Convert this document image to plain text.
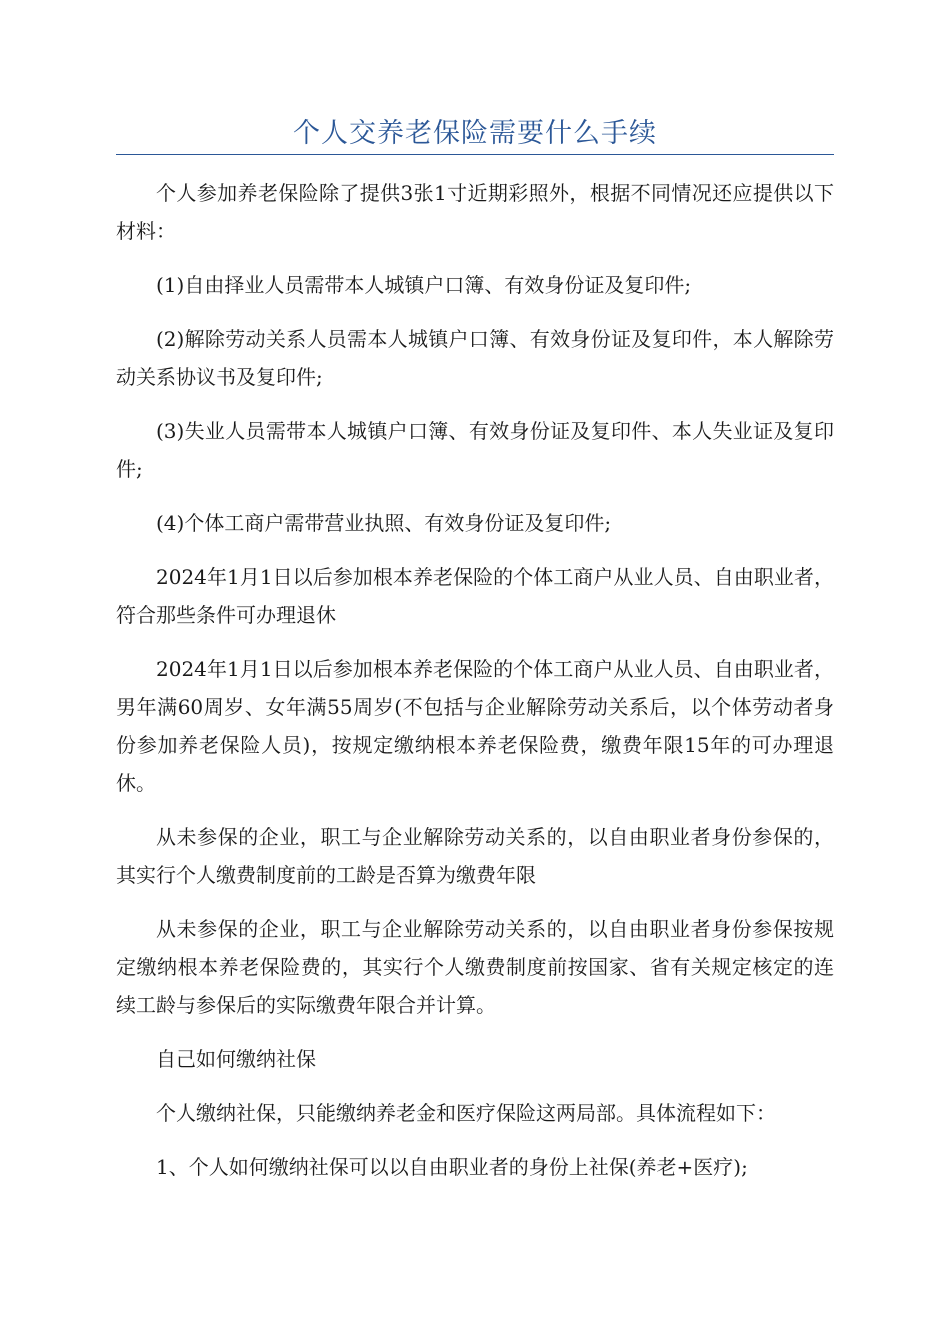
个人交养老保险需要什么手续

个人参加养老保险除了提供3张1寸近期彩照外，根据不同情况还应提供以下材料：

(1)自由择业人员需带本人城镇户口簿、有效身份证及复印件;

(2)解除劳动关系人员需本人城镇户口簿、有效身份证及复印件，本人解除劳动关系协议书及复印件;

(3)失业人员需带本人城镇户口簿、有效身份证及复印件、本人失业证及复印件;

(4)个体工商户需带营业执照、有效身份证及复印件;

2024年1月1日以后参加根本养老保险的个体工商户从业人员、自由职业者，符合那些条件可办理退休

2024年1月1日以后参加根本养老保险的个体工商户从业人员、自由职业者，男年满60周岁、女年满55周岁(不包括与企业解除劳动关系后，以个体劳动者身份参加养老保险人员)，按规定缴纳根本养老保险费，缴费年限15年的可办理退休。

从未参保的企业，职工与企业解除劳动关系的，以自由职业者身份参保的，其实行个人缴费制度前的工龄是否算为缴费年限

从未参保的企业，职工与企业解除劳动关系的，以自由职业者身份参保按规定缴纳根本养老保险费的，其实行个人缴费制度前按国家、省有关规定核定的连续工龄与参保后的实际缴费年限合并计算。

自己如何缴纳社保

个人缴纳社保，只能缴纳养老金和医疗保险这两局部。具体流程如下：

1、个人如何缴纳社保可以以自由职业者的身份上社保(养老+医疗);
